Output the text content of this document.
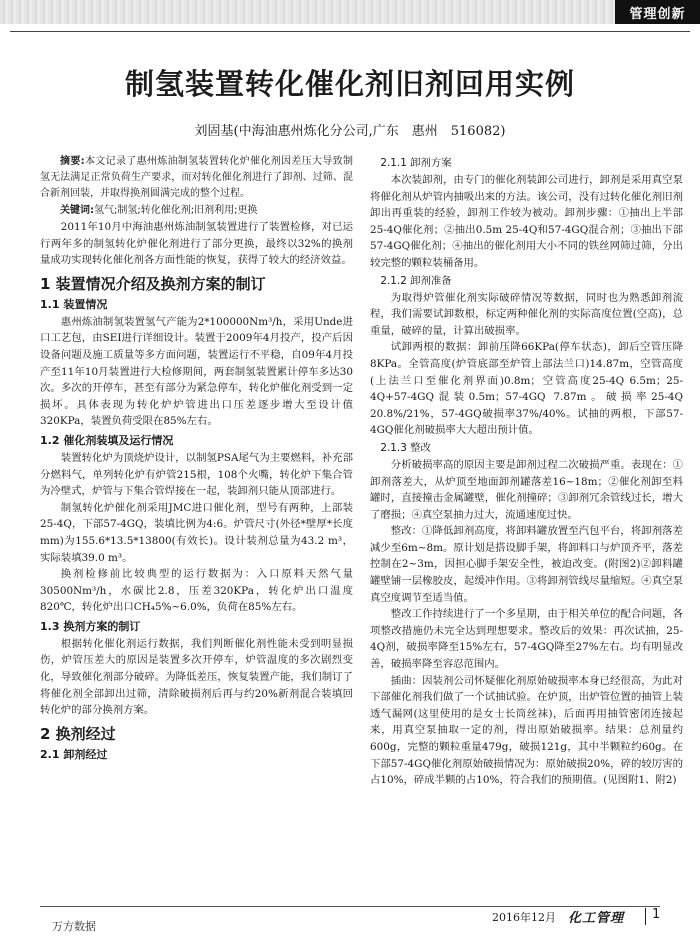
管理创新
制氢装置转化催化剂旧剂回用实例
刘固基(中海油惠州炼化分公司,广东　惠州　516082)
摘要:本文记录了惠州炼油制氢装置转化炉催化剂因差压大导致制氢无法满足正常负荷生产要求，而对转化催化剂进行了卸剂、过筛、混合新剂回装，并取得换剂圆满完成的整个过程。
关键词:氢气;制氢;转化催化剂;旧剂利用;更换

2011年10月中海油惠州炼油制氢装置进行了装置检修，对已运行两年多的制氢转化炉催化剂进行了部分更换，最终以32%的换剂量成功实现转化催化剂各方面性能的恢复，获得了较大的经济效益。

1 装置情况介绍及换剂方案的制订
1.1 装置情况

惠州炼油制氢装置氢气产能为2*100000Nm³/h，采用Unde进口工艺包，由SEI进行详细设计。装置于2009年4月投产，投产后因设备问题及施工质量等多方面问题，装置运行不平稳，自09年4月投产至11年10月装置进行大检修期间，两套制氢装置累计停车多达30次。多次的开停车，甚至有部分为紧急停车，转化炉催化剂受到一定损坏。具体表现为转化炉炉管进出口压差逐步增大至设计值320KPa，装置负荷受限在85%左右。

1.2 催化剂装填及运行情况

装置转化炉为顶烧炉设计，以制氢PSA尾气为主要燃料，补充部分燃料气，单列转化炉有炉管215根，108个火嘴，转化炉下集合管为冷壁式，炉管与下集合管焊接在一起，装卸剂只能从顶部进行。

制氢转化炉催化剂采用JMC进口催化剂，型号有两种，上部装25-4Q，下部57-4GQ，装填比例为4:6。炉管尺寸(外径*壁厚*长度mm)为155.6*13.5*13800(有效长)。设计装剂总量为43.2 m³，实际装填39.0 m³。

换剂检修前比较典型的运行数据为：入口原料天然气量30500Nm³/h，水碳比2.8，压差320KPa，转化炉出口温度820℃，转化炉出口CH₄5%~6.0%，负荷在85%左右。

1.3 换剂方案的制订

根据转化催化剂运行数据，我们判断催化剂性能未受到明显损伤，炉管压差大的原因是装置多次开停车，炉管温度的多次剧烈变化，导致催化剂部分破碎。为降低差压，恢复装置产能，我们制订了将催化剂全部卸出过筛，清除破损剂后再与约20%新剂混合装填回转化炉的部分换剂方案。

2 换剂经过
2.1 卸剂经过
2.1.1 卸剂方案

本次装卸剂，由专门的催化剂装卸公司进行，卸剂是采用真空泵将催化剂从炉管内抽吸出来的方法。该公司，没有过转化催化剂旧剂卸出再重装的经验，卸剂工作较为被动。卸剂步骤：①抽出上半部25-4Q催化剂；②抽出0.5m 25-4Q和57-4GQ混合剂；③抽出下部57-4GQ催化剂；④抽出的催化剂用大小不同的铁丝网筛过筛，分出较完整的颗粒装桶备用。

2.1.2 卸剂准备

为取得炉管催化剂实际破碎情况等数据，同时也为熟悉卸剂流程，我们需要试卸数根，标定两种催化剂的实际高度位置(空高)，总重量，破碎的量，计算出破损率。

试卸两根的数据：卸前压降66KPa(停车状态)，卸后空管压降8KPa。全管高度(炉管底部至炉管上部法兰口)14.87m，空管高度(上法兰口至催化剂界面)0.8m；空管高度25-4Q 6.5m；25-4Q+57-4GQ混装0.5m；57-4GQ 7.87m。破损率25-4Q 20.8%/21%，57-4GQ破损率37%/40%。试抽的两根，下部57-4GQ催化剂破损率大大超出预计值。

2.1.3 整改

分析破损率高的原因主要是卸剂过程二次破损严重。表现在：①卸剂落差大，从炉顶至地面卸剂罐落差16~18m；②催化剂卸至料罐时，直接撞击金属罐壁，催化剂撞碎；③卸剂冗余管线过长，增大了磨损；④真空泵抽力过大，流通速度过快。

整改：①降低卸剂高度，将卸料罐放置至汽包平台，将卸剂落差减少至6m~8m。原计划是搭设脚手架，将卸料口与炉顶齐平，落差控制在2~3m，因担心脚手架安全性，被迫改变。(附图2)②卸料罐罐壁铺一层橡胶皮，起缓冲作用。③将卸剂管线尽量缩短。④真空泵真空度调节至适当值。

整改工作持续进行了一个多星期，由于相关单位的配合问题，各项整改措施仍未完全达到理想要求。整改后的效果：再次试抽，25-4Q剂，破损率降至15%左右，57-4GQ降至27%左右。均有明显改善，破损率降至容忍范围内。

插曲：因装剂公司怀疑催化剂原始破损率本身已经很高，为此对下部催化剂我们做了一个试抽试验。在炉顶，出炉管位置的抽管上装透气漏网(这里使用的是女士长筒丝袜)，后面再用抽管密闭连接起来，用真空泵抽取一定的剂，得出原始破损率。结果：总剂量约600g，完整的颗粒重量479g，破损121g，其中半颗粒约60g。在下部57-4GQ催化剂原始破损情况为：原始破损20%，碎的较厉害的占10%，碎成半颗的占10%，符合我们的预期值。(见图附1、附2)

万方数据
2016年12月 化工管理 1
